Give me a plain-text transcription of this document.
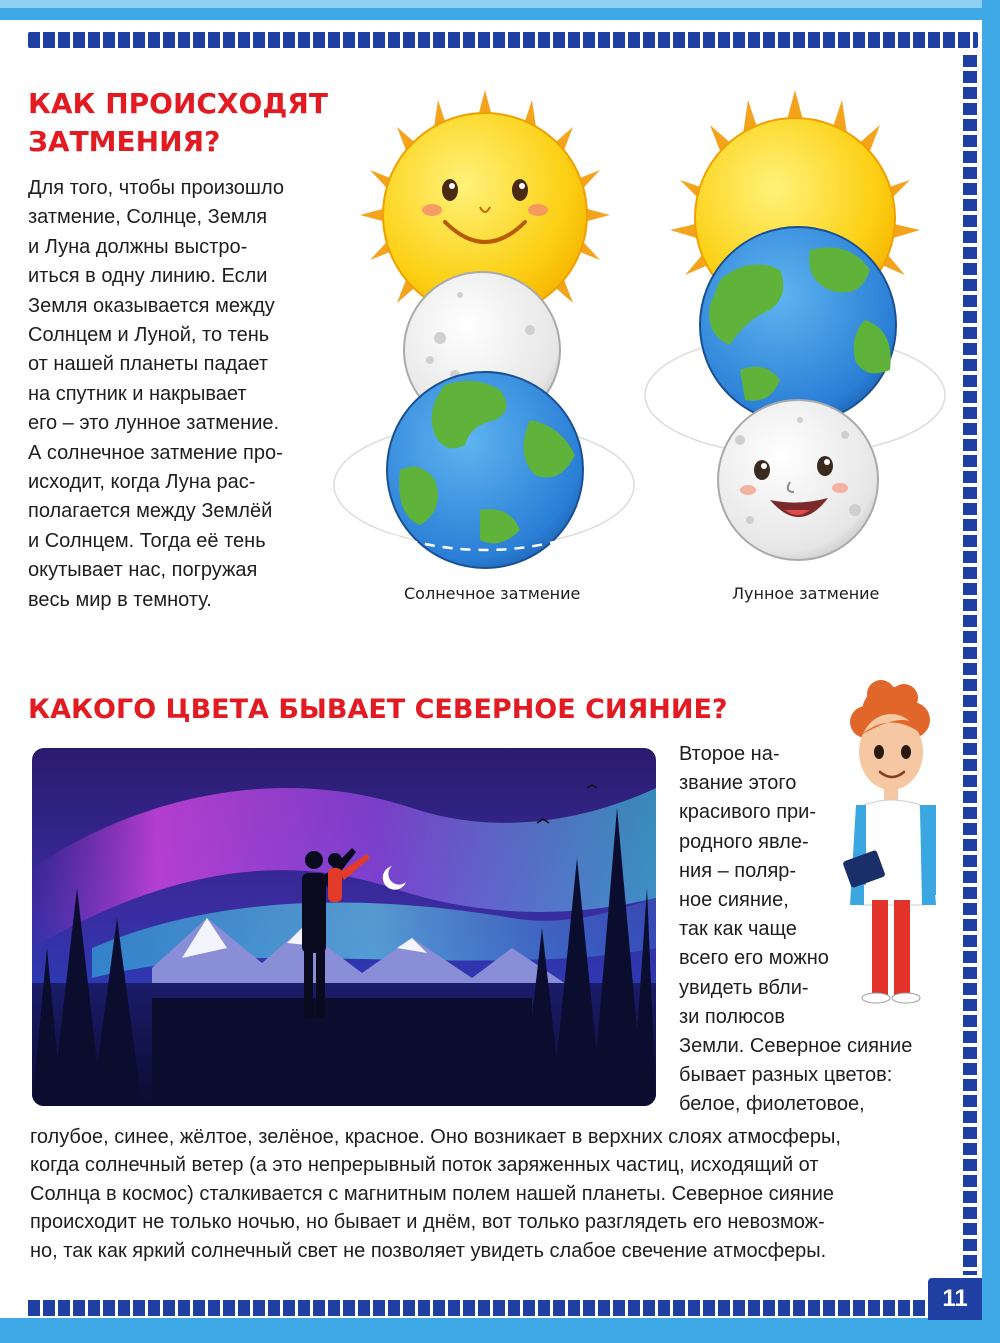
КАК ПРОИСХОДЯТ
ЗАТМЕНИЯ?
Для того, чтобы произошло
затмение, Солнце, Земля
и Луна должны выстро-
иться в одну линию. Если
Земля оказывается между
Солнцем и Луной, то тень
от нашей планеты падает
на спутник и накрывает
его – это лунное затмение.
А солнечное затмение про-
исходит, когда Луна рас-
полагается между Землёй
и Солнцем. Тогда её тень
окутывает нас, погружая
весь мир в темноту.	Солнечное затмение	Лунное затмение
КАКОГО ЦВЕТА БЫВАЕТ СЕВЕРНОЕ СИЯНИЕ?
Второе на-
звание этого
красивого при-
родного явле-
ния – поляр-
ное сияние,
так как чаще
всего его можно
увидеть вбли-
зи полюсов
Земли. Северное сияние
бывает разных цветов:
белое, фиолетовое,
голубое, синее, жёлтое, зелёное, красное. Оно возникает в верхних слоях атмосферы,
когда солнечный ветер (а это непрерывный поток заряженных частиц, исходящий от
Солнца в космос) сталкивается с магнитным полем нашей планеты. Северное сияние
происходит не только ночью, но бывает и днём, вот только разглядеть его невозмож-
но, так как яркий солнечный свет не позволяет увидеть слабое свечение атмосферы.
11
